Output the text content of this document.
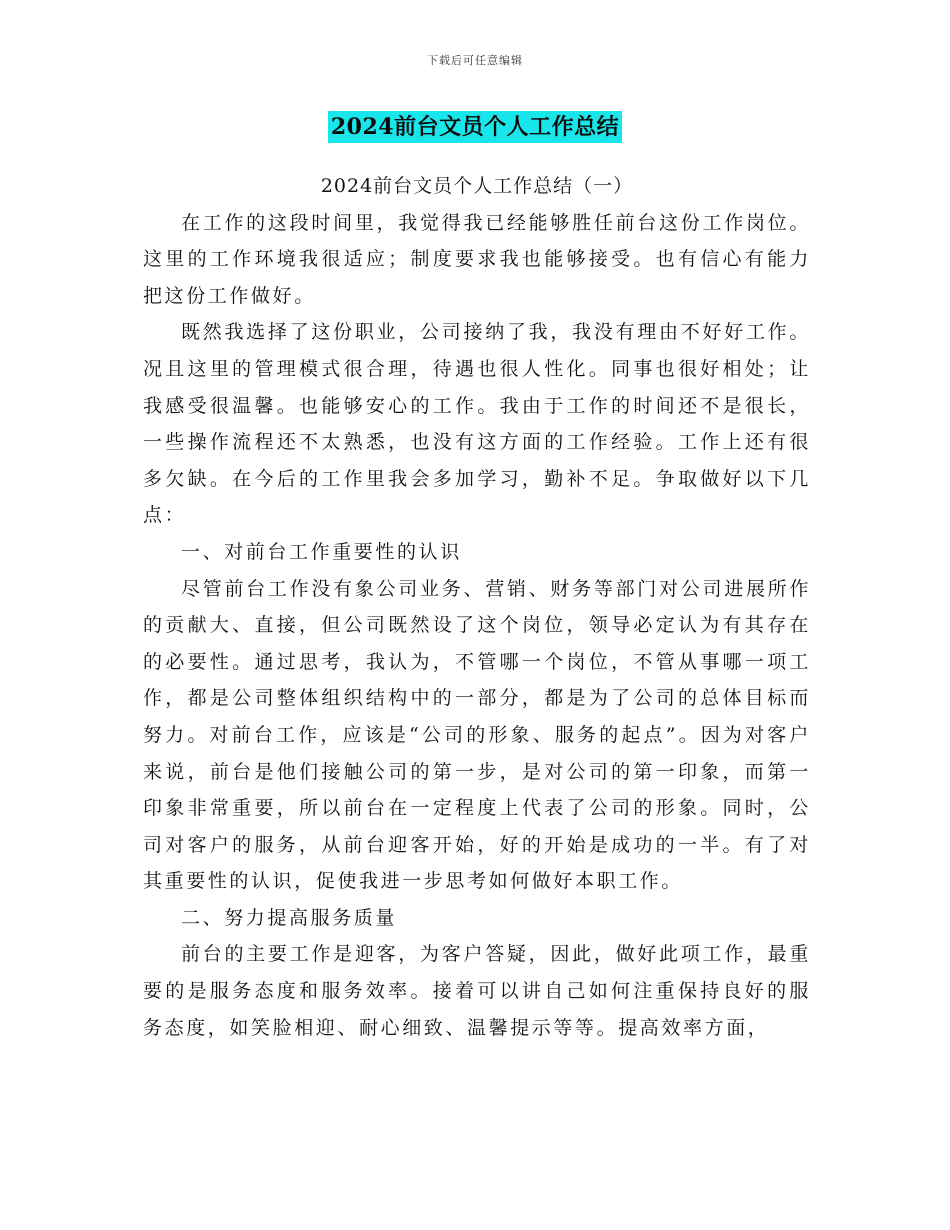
下载后可任意编辑
2024前台文员个人工作总结

2024前台文员个人工作总结（一）

在工作的这段时间里，我觉得我已经能够胜任前台这份工作岗位。这里的工作环境我很适应；制度要求我也能够接受。也有信心有能力把这份工作做好。

既然我选择了这份职业，公司接纳了我，我没有理由不好好工作。况且这里的管理模式很合理，待遇也很人性化。同事也很好相处；让我感受很温馨。也能够安心的工作。我由于工作的时间还不是很长，一些操作流程还不太熟悉，也没有这方面的工作经验。工作上还有很多欠缺。在今后的工作里我会多加学习，勤补不足。争取做好以下几点：

一、对前台工作重要性的认识

尽管前台工作没有象公司业务、营销、财务等部门对公司进展所作的贡献大、直接，但公司既然设了这个岗位，领导必定认为有其存在的必要性。通过思考，我认为，不管哪一个岗位，不管从事哪一项工作，都是公司整体组织结构中的一部分，都是为了公司的总体目标而努力。对前台工作，应该是“公司的形象、服务的起点”。因为对客户来说，前台是他们接触公司的第一步，是对公司的第一印象，而第一印象非常重要，所以前台在一定程度上代表了公司的形象。同时，公司对客户的服务，从前台迎客开始，好的开始是成功的一半。有了对其重要性的认识，促使我进一步思考如何做好本职工作。

二、努力提高服务质量

前台的主要工作是迎客，为客户答疑，因此，做好此项工作，最重要的是服务态度和服务效率。接着可以讲自己如何注重保持良好的服务态度，如笑脸相迎、耐心细致、温馨提示等等。提高效率方面，
